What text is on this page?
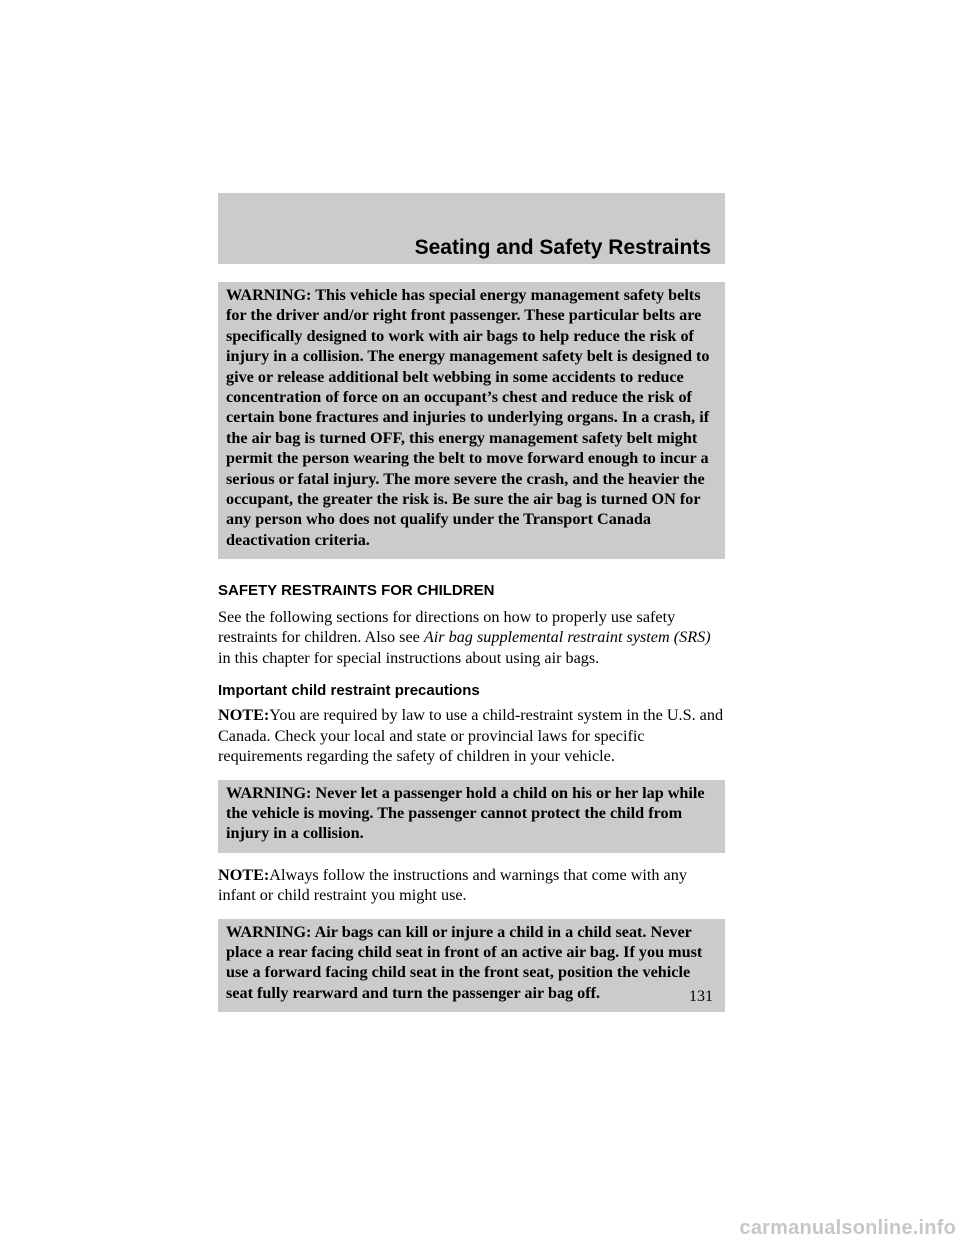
Seating and Safety Restraints
WARNING: This vehicle has special energy management safety belts for the driver and/or right front passenger. These particular belts are specifically designed to work with air bags to help reduce the risk of injury in a collision. The energy management safety belt is designed to give or release additional belt webbing in some accidents to reduce concentration of force on an occupant’s chest and reduce the risk of certain bone fractures and injuries to underlying organs. In a crash, if the air bag is turned OFF, this energy management safety belt might permit the person wearing the belt to move forward enough to incur a serious or fatal injury. The more severe the crash, and the heavier the occupant, the greater the risk is. Be sure the air bag is turned ON for any person who does not qualify under the Transport Canada deactivation criteria.
SAFETY RESTRAINTS FOR CHILDREN

See the following sections for directions on how to properly use safety restraints for children. Also see Air bag supplemental restraint system (SRS) in this chapter for special instructions about using air bags.

Important child restraint precautions

NOTE:You are required by law to use a child-restraint system in the U.S. and Canada. Check your local and state or provincial laws for specific requirements regarding the safety of children in your vehicle.

WARNING: Never let a passenger hold a child on his or her lap while the vehicle is moving. The passenger cannot protect the child from injury in a collision.

NOTE:Always follow the instructions and warnings that come with any infant or child restraint you might use.

WARNING: Air bags can kill or injure a child in a child seat. Never place a rear facing child seat in front of an active air bag. If you must use a forward facing child seat in the front seat, position the vehicle seat fully rearward and turn the passenger air bag off.	131
carmanualsonline.info
